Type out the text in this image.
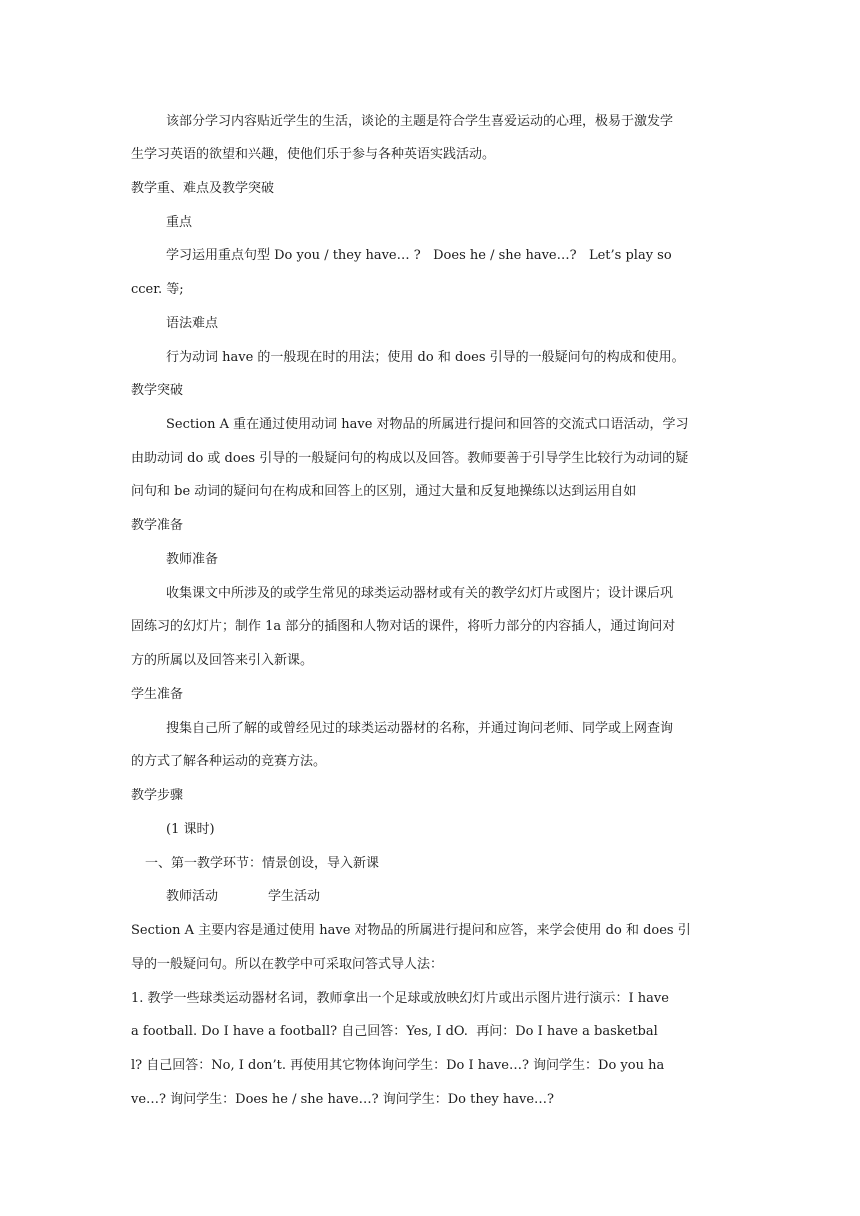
该部分学习内容贴近学生的生活，谈论的主题是符合学生喜爱运动的心理，极易于激发学
生学习英语的欲望和兴趣，使他们乐于参与各种英语实践活动。
教学重、难点及教学突破
重点
学习运用重点句型 Do you / they have… ?   Does he / she have…?   Let’s play so
ccer. 等;
语法难点
行为动词 have 的一般现在时的用法；使用 do 和 does 引导的一般疑问句的构成和使用。
教学突破
Section A 重在通过使用动词 have 对物品的所属进行提问和回答的交流式口语活动，学习
由助动词 do 或 does 引导的一般疑问句的构成以及回答。教师要善于引导学生比较行为动词的疑
问句和 be 动词的疑问句在构成和回答上的区别，通过大量和反复地操练以达到运用自如
教学准备
教师准备
收集课文中所涉及的或学生常见的球类运动器材或有关的教学幻灯片或图片；设计课后巩
固练习的幻灯片；制作 1a 部分的插图和人物对话的课件，将听力部分的内容插人，通过询问对
方的所属以及回答来引入新课。
学生准备
搜集自己所了解的或曾经见过的球类运动器材的名称，并通过询问老师、同学或上网查询
的方式了解各种运动的竞赛方法。
教学步骤
(1 课时)
一、第一教学环节：情景创设，导入新课
教师活动	学生活动
Section A 主要内容是通过使用 have 对物品的所属进行提问和应答，来学会使用 do 和 does 引
导的一般疑问句。所以在教学中可采取问答式导人法：
1. 教学一些球类运动器材名词，教师拿出一个足球或放映幻灯片或出示图片进行演示：I have
a football. Do I have a football? 自己回答：Yes, I dO.  再问：Do I have a basketbal
l? 自己回答：No, I don’t. 再使用其它物体询问学生：Do I have…? 询问学生：Do you ha
ve…? 询问学生：Does he / she have…? 询问学生：Do they have…?
